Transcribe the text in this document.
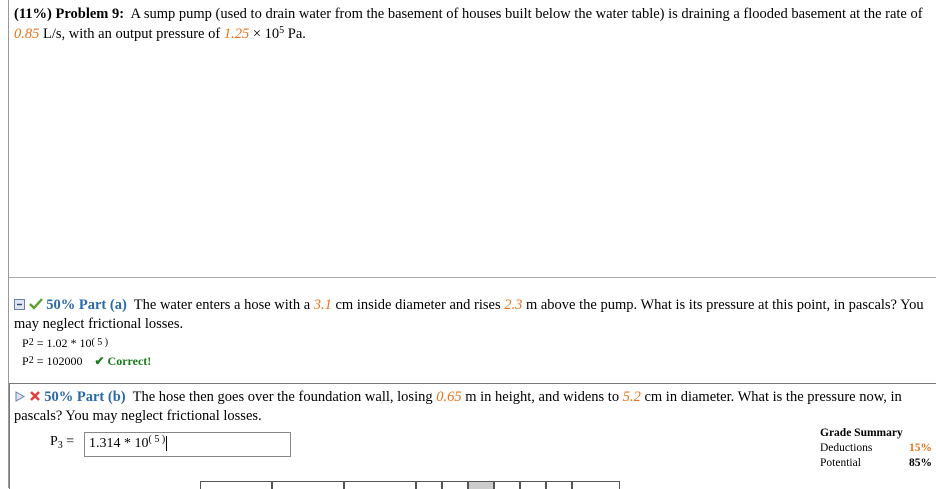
(11%) Problem 9: A sump pump (used to drain water from the basement of houses built below the water table) is draining a flooded basement at the rate of 0.85 L/s, with an output pressure of $1.25 \times 10^5$ Pa.
50% Part (a) The water enters a hose with a 3.1 cm inside diameter and rises 2.3 m above the pump. What is its pressure at this point, in pascals? You may neglect frictional losses.
P 2
= 1.02 * 10 ( 5 )
P 2
= 102000 ✔ Correct!
50% Part (b) The hose then goes over the foundation wall, losing 0.65 m in height, and widens to 5.2 cm in diameter. What is the pressure now, in pascals? You may neglect frictional losses.
$P_3$ =	$1.314 * 10^{( 5 )}$
Grade Summary
Deductions	15%
Potential	85%
